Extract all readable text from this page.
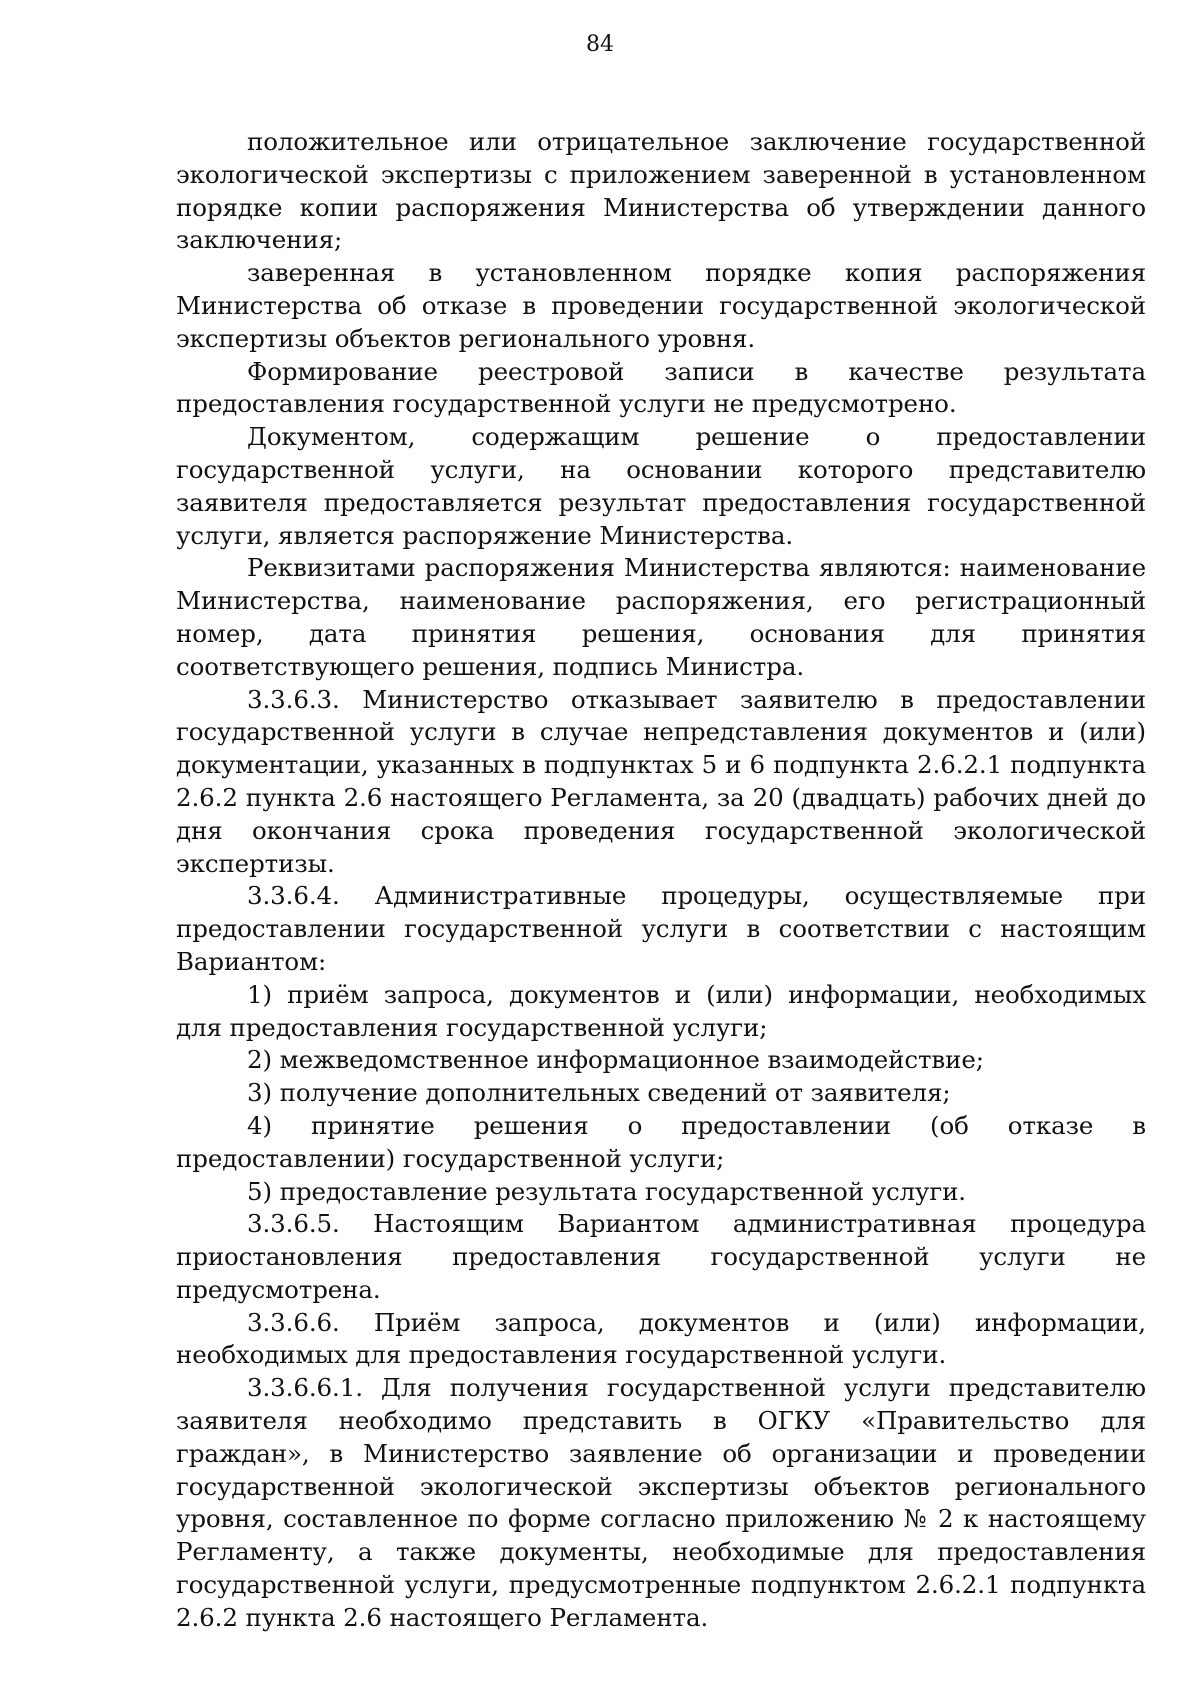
84

положительное или отрицательное заключение государственной экологической экспертизы с приложением заверенной в установленном порядке копии распоряжения Министерства об утверждении данного заключения;

заверенная в установленном порядке копия распоряжения Министерства об отказе в проведении государственной экологической экспертизы объектов регионального уровня.

Формирование реестровой записи в качестве результата предоставления государственной услуги не предусмотрено.

Документом, содержащим решение о предоставлении государственной услуги, на основании которого представителю заявителя предоставляется результат предоставления государственной услуги, является распоряжение Министерства.

Реквизитами распоряжения Министерства являются: наименование Министерства, наименование распоряжения, его регистрационный номер, дата принятия решения, основания для принятия соответствующего решения, подпись Министра.

3.3.6.3. Министерство отказывает заявителю в предоставлении государственной услуги в случае непредставления документов и (или) документации, указанных в подпунктах 5 и 6 подпункта 2.6.2.1 подпункта 2.6.2 пункта 2.6 настоящего Регламента, за 20 (двадцать) рабочих дней до дня окончания срока проведения государственной экологической экспертизы.

3.3.6.4. Административные процедуры, осуществляемые при предоставлении государственной услуги в соответствии с настоящим Вариантом:

1) приём запроса, документов и (или) информации, необходимых для предоставления государственной услуги;

2) межведомственное информационное взаимодействие;

3) получение дополнительных сведений от заявителя;

4) принятие решения о предоставлении (об отказе в предоставлении) государственной услуги;

5) предоставление результата государственной услуги.

3.3.6.5. Настоящим Вариантом административная процедура приостановления предоставления государственной услуги не предусмотрена.

3.3.6.6. Приём запроса, документов и (или) информации, необходимых для предоставления государственной услуги.

3.3.6.6.1. Для получения государственной услуги представителю заявителя необходимо представить в ОГКУ «Правительство для граждан», в Министерство заявление об организации и проведении государственной экологической экспертизы объектов регионального уровня, составленное по форме согласно приложению № 2 к настоящему Регламенту, а также документы, необходимые для предоставления государственной услуги, предусмотренные подпунктом 2.6.2.1 подпункта 2.6.2 пункта 2.6 настоящего Регламента.
